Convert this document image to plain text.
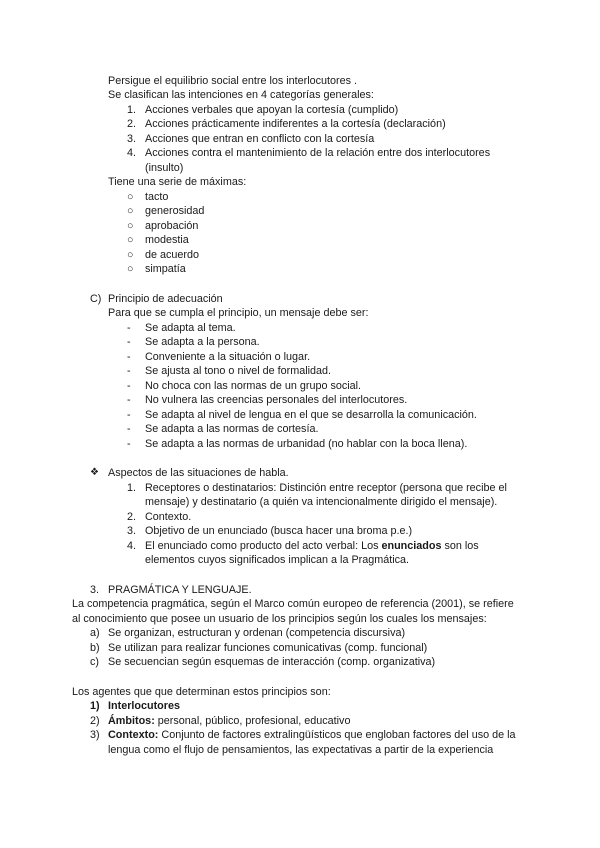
Persigue el equilibrio social entre los interlocutores .
Se clasifican las intenciones en 4 categorías generales:
1. Acciones verbales que apoyan la cortesía (cumplido)
2. Acciones prácticamente indiferentes a la cortesía (declaración)
3. Acciones que entran en conflicto con la cortesía
4. Acciones contra el mantenimiento de la relación entre dos interlocutores
(insulto)
Tiene una serie de máximas:
○ tacto
○ generosidad
○ aprobación
○ modestia
○ de acuerdo
○ simpatía
C) Principio de adecuación
Para que se cumpla el principio, un mensaje debe ser:
- Se adapta al tema.
- Se adapta a la persona.
- Conveniente a la situación o lugar.
- Se ajusta al tono o nivel de formalidad.
- No choca con las normas de un grupo social.
- No vulnera las creencias personales del interlocutores.
- Se adapta al nivel de lengua en el que se desarrolla la comunicación.
- Se adapta a las normas de cortesía.
- Se adapta a las normas de urbanidad (no hablar con la boca llena).
❖ Aspectos de las situaciones de habla.
1. Receptores o destinatarios: Distinción entre receptor (persona que recibe el
mensaje) y destinatario (a quién va intencionalmente dirigido el mensaje).
2. Contexto.
3. Objetivo de un enunciado (busca hacer una broma p.e.)
4. El enunciado como producto del acto verbal: Los enunciados son los
elementos cuyos significados implican a la Pragmática.
3. PRAGMÁTICA Y LENGUAJE.
La competencia pragmática, según el Marco común europeo de referencia (2001), se refiere
al conocimiento que posee un usuario de los principios según los cuales los mensajes:
a) Se organizan, estructuran y ordenan (competencia discursiva)
b) Se utilizan para realizar funciones comunicativas (comp. funcional)
c) Se secuencian según esquemas de interacción (comp. organizativa)
Los agentes que que determinan estos principios son:
1) Interlocutores
2) Ámbitos: personal, público, profesional, educativo
3) Contexto: Conjunto de factores extralingüísticos que engloban factores del uso de la
lengua como el flujo de pensamientos, las expectativas a partir de la experiencia
